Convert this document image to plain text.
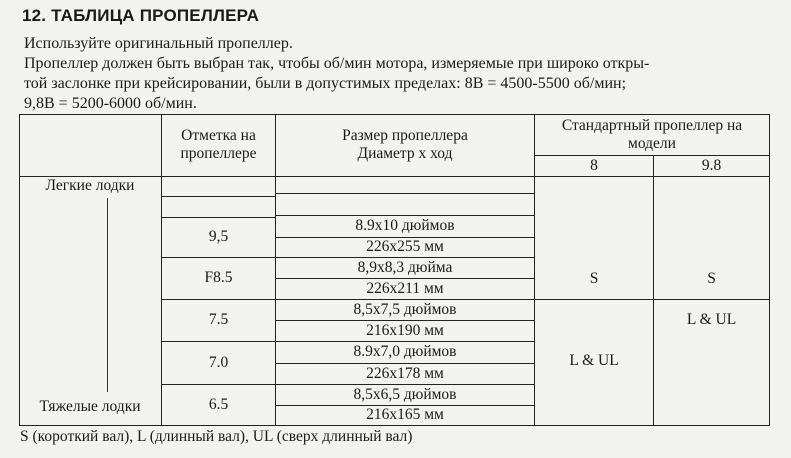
12. ТАБЛИЦА ПРОПЕЛЛЕРА
Используйте оригинальный пропеллер.
Пропеллер должен быть выбран так, чтобы об/мин мотора, измеряемые при широко откры-
той заслонке при крейсировании, были в допустимых пределах: 8В = 4500-5500 об/мин;
9,8В = 5200-6000 об/мин.
Отметка на
пропеллере
Размер пропеллера
Диаметр х ход
Стандартный пропеллер на
модели
8	9.8
Легкие лодки
Тяжелые лодки
9,5
F8.5
7.5
7.0
6.5
8.9x10 дюймов
226x255 мм
8,9x8,3 дюйма
226x211 мм
8,5x7,5 дюймов
216x190 мм
8.9x7,0 дюймов
226x178 мм
8,5x6,5 дюймов
216x165 мм
S
L & UL
S
L & UL
S (короткий вал), L (длинный вал), UL (сверх длинный вал)
